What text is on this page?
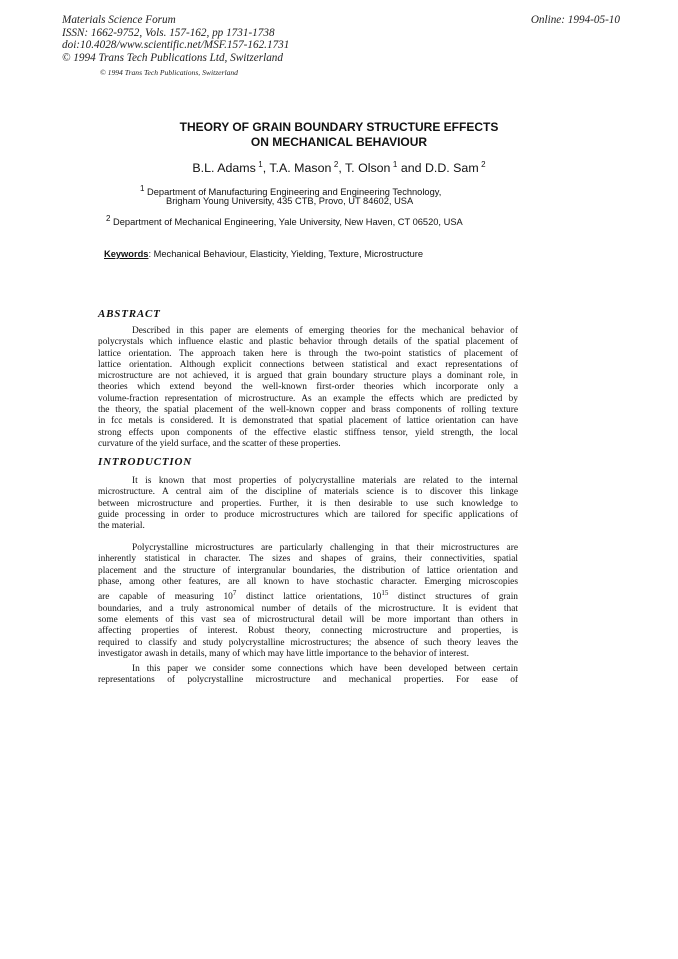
Materials Science Forum
ISSN: 1662-9752, Vols. 157-162, pp 1731-1738
doi:10.4028/www.scientific.net/MSF.157-162.1731
© 1994 Trans Tech Publications Ltd, Switzerland
Online: 1994-05-10
© 1994 Trans Tech Publications, Switzerland
THEORY OF GRAIN BOUNDARY STRUCTURE EFFECTS
ON MECHANICAL BEHAVIOUR
B.L. Adams  $^1$, T.A. Mason  $^2$, T. Olson  $^1$ and D.D. Sam  $^2$
$^1$ Department of Manufacturing Engineering and Engineering Technology,
Brigham Young University, 435 CTB, Provo, UT 84602, USA
$^2$ Department of Mechanical Engineering, Yale University, New Haven, CT 06520, USA
Keywords: Mechanical Behaviour, Elasticity, Yielding, Texture, Microstructure
ABSTRACT
Described in this paper are elements of emerging theories for the mechanical behavior of
polycrystals which influence elastic and plastic behavior through details of the spatial placement of
lattice orientation. The approach taken here is through the two-point statistics of placement of
lattice orientation. Although explicit connections between statistical and exact representations of
microstructure are not achieved, it is argued that grain boundary structure plays a dominant role, in
theories which extend beyond the well-known first-order theories which incorporate only a
volume-fraction representation of microstructure. As an example the effects which are predicted by
the theory, the spatial placement of the well-known copper and brass components of rolling texture
in fcc metals is considered. It is demonstrated that spatial placement of lattice orientation can have
strong effects upon components of the effective elastic stiffness tensor, yield strength, the local
curvature of the yield surface, and the scatter of these properties.
INTRODUCTION
It is known that most properties of polycrystalline materials are related to the internal
microstructure. A central aim of the discipline of materials science is to discover this linkage
between microstructure and properties. Further, it is then desirable to use such knowledge to
guide processing in order to produce microstructures which are tailored for specific applications of
the material.
Polycrystalline microstructures are particularly challenging in that their microstructures are
inherently statistical in character. The sizes and shapes of grains, their connectivities, spatial
placement and the structure of intergranular boundaries, the distribution of lattice orientation and
phase, among other features, are all known to have stochastic character. Emerging microscopies
are capable of measuring $10^7$ distinct lattice orientations, $10^{15}$ distinct structures of grain
boundaries, and a truly astronomical number of details of the microstructure. It is evident that
some elements of this vast sea of microstructural detail will be more important than others in
affecting properties of interest. Robust theory, connecting microstructure and properties, is
required to classify and study polycrystalline microstructures; the absence of such theory leaves the
investigator awash in details, many of which may have little importance to the behavior of interest.
In this paper we consider some connections which have been developed between certain
representations of polycrystalline microstructure and mechanical properties. For ease of
